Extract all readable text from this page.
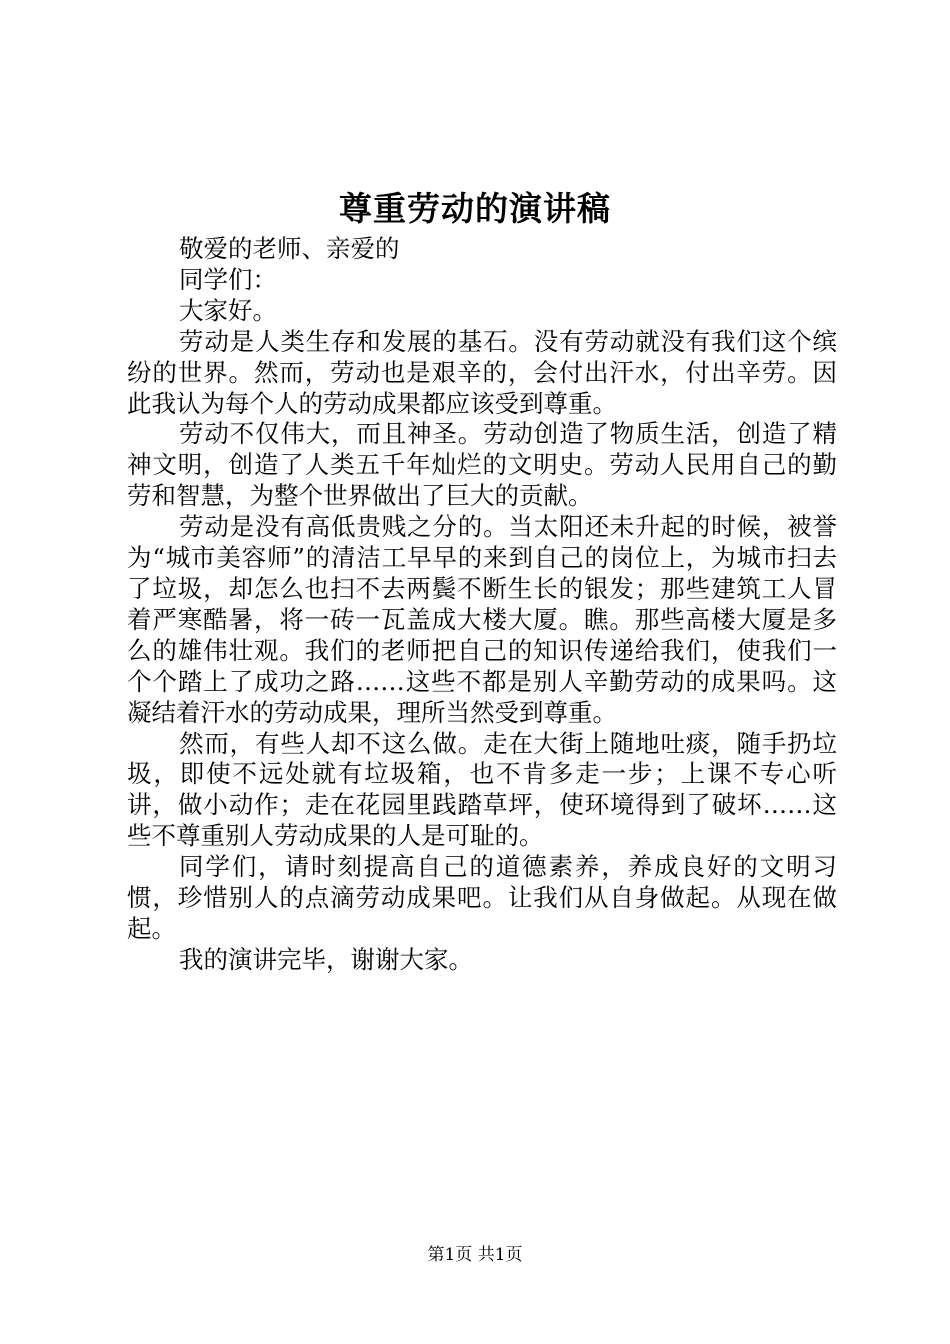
尊重劳动的演讲稿

敬爱的老师、亲爱的

同学们：

大家好。

劳动是人类生存和发展的基石。没有劳动就没有我们这个缤纷的世界。然而，劳动也是艰辛的，会付出汗水，付出辛劳。因此我认为每个人的劳动成果都应该受到尊重。

劳动不仅伟大，而且神圣。劳动创造了物质生活，创造了精神文明，创造了人类五千年灿烂的文明史。劳动人民用自己的勤劳和智慧，为整个世界做出了巨大的贡献。

劳动是没有高低贵贱之分的。当太阳还未升起的时候，被誉为“城市美容师”的清洁工早早的来到自己的岗位上，为城市扫去了垃圾，却怎么也扫不去两鬓不断生长的银发；那些建筑工人冒着严寒酷暑，将一砖一瓦盖成大楼大厦。瞧。那些高楼大厦是多么的雄伟壮观。我们的老师把自己的知识传递给我们，使我们一个个踏上了成功之路……这些不都是别人辛勤劳动的成果吗。这凝结着汗水的劳动成果，理所当然受到尊重。

然而，有些人却不这么做。走在大街上随地吐痰，随手扔垃圾，即使不远处就有垃圾箱，也不肯多走一步；上课不专心听讲，做小动作；走在花园里践踏草坪，使环境得到了破坏……这些不尊重别人劳动成果的人是可耻的。

同学们，请时刻提高自己的道德素养，养成良好的文明习惯，珍惜别人的点滴劳动成果吧。让我们从自身做起。从现在做起。

我的演讲完毕，谢谢大家。

第1页 共1页
